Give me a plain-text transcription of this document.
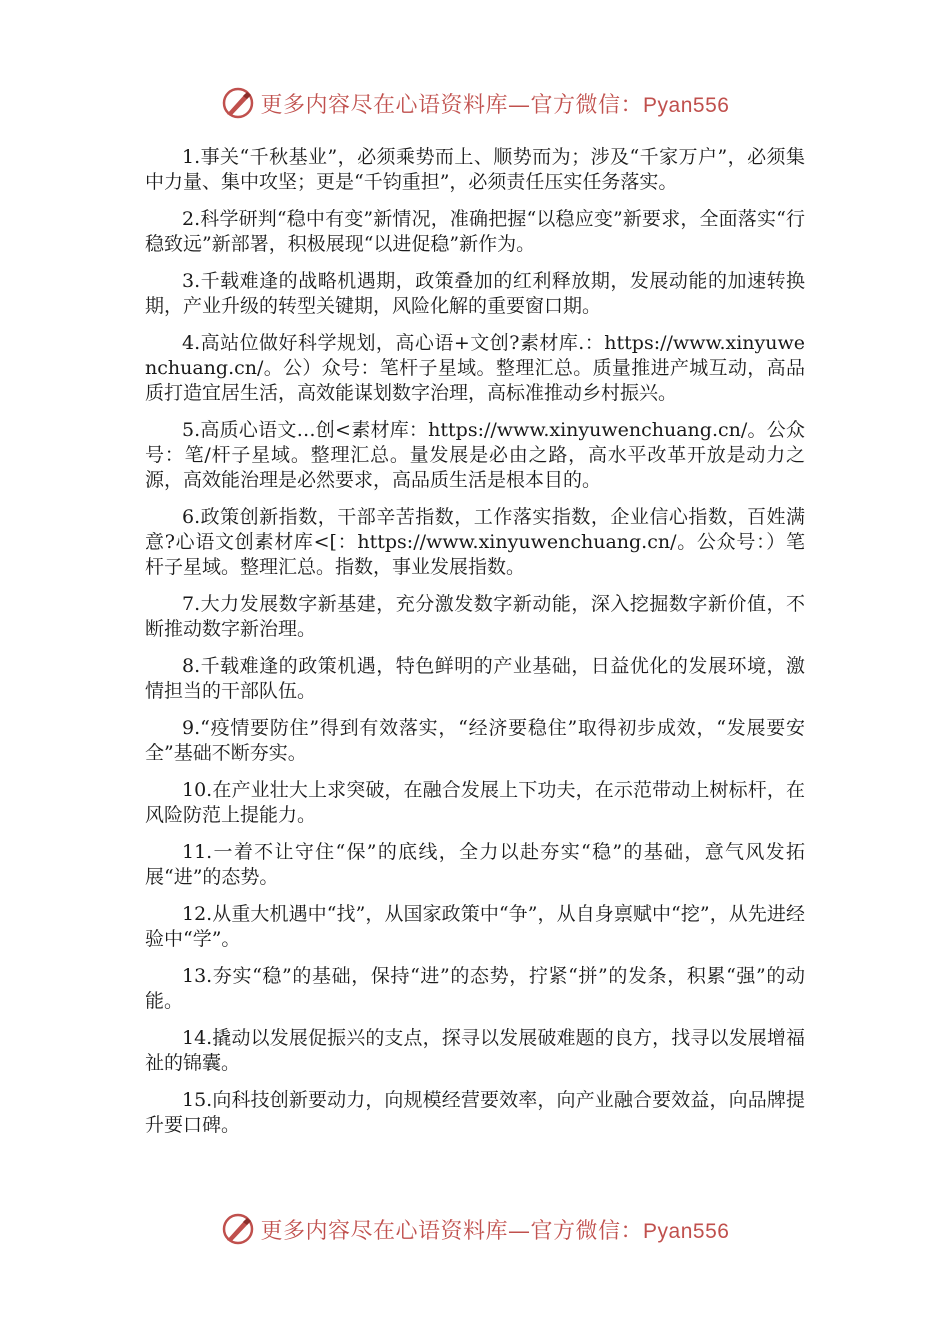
更多内容尽在心语资料库—官方微信：Pyan556

1.事关“千秋基业”，必须乘势而上、顺势而为；涉及“千家万户”，必须集中力量、集中攻坚；更是“千钧重担”，必须责任压实任务落实。

2.科学研判“稳中有变”新情况，准确把握“以稳应变”新要求，全面落实“行稳致远”新部署，积极展现“以进促稳”新作为。

3.千载难逢的战略机遇期，政策叠加的红利释放期，发展动能的加速转换期，产业升级的转型关键期，风险化解的重要窗口期。

4.高站位做好科学规划，高心语+文创?素材库.：https://www.xinyuwenchuang.cn/。公）众号：笔杆子星域。整理汇总。质量推进产城互动，高品质打造宜居生活，高效能谋划数字治理，高标准推动乡村振兴。

5.高质心语文…创<素材库：https://www.xinyuwenchuang.cn/。公众号：笔/杆子星域。整理汇总。量发展是必由之路，高水平改革开放是动力之源，高效能治理是必然要求，高品质生活是根本目的。

6.政策创新指数，干部辛苦指数，工作落实指数，企业信心指数，百姓满意?心语文创素材库<[：https://www.xinyuwenchuang.cn/。公众号：）笔杆子星域。整理汇总。指数，事业发展指数。

7.大力发展数字新基建，充分激发数字新动能，深入挖掘数字新价值，不断推动数字新治理。

8.千载难逢的政策机遇，特色鲜明的产业基础，日益优化的发展环境，激情担当的干部队伍。

9.“疫情要防住”得到有效落实，“经济要稳住”取得初步成效，“发展要安全”基础不断夯实。

10.在产业壮大上求突破，在融合发展上下功夫，在示范带动上树标杆，在风险防范上提能力。

11.一着不让守住“保”的底线，全力以赴夯实“稳”的基础，意气风发拓展“进”的态势。

12.从重大机遇中“找”，从国家政策中“争”，从自身禀赋中“挖”，从先进经验中“学”。

13.夯实“稳”的基础，保持“进”的态势，拧紧“拼”的发条，积累“强”的动能。

14.撬动以发展促振兴的支点，探寻以发展破难题的良方，找寻以发展增福祉的锦囊。

15.向科技创新要动力，向规模经营要效率，向产业融合要效益，向品牌提升要口碑。

更多内容尽在心语资料库—官方微信：Pyan556
